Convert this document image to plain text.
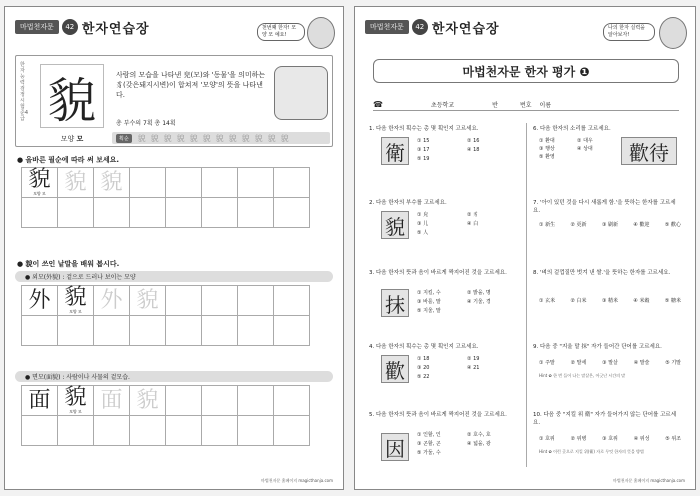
마법천자문	42 한자연습장	천번째 한자! 모양 모 예요!
한자능력검정시험 준4급 貌
모양 모
사람의 모습을 나타낸 皃(모)와 '동물'을 의미하는
豸(갖은돼지시변)이 합쳐져 '모양'의 뜻을 나타낸다.
총 부수의 7획 총 14획
획순	貌 貌 貌 貌 貌 貌 貌 貌 貌 貌 貌 貌
● 올바른 필순에 따라 써 보세요.
貌
모양 모	貌	貌					

● 貌이 쓰인 낱말을 배워 봅시다.
● 외모(外貌) : 겉으로 드러나 보이는 모양
外	貌
모양 모	外	貌				

● 면모(面貌) : 사람이나 사물의 겉모습.
面	貌
모양 모	面	貌				

마법천자문 홈페이지 magicthanja.com
마법천자문	42 한자연습장	나의 한자 실력을 알아보자!
마법천자문 한자 평가 ❶
☎	초등학교	반	번호 이름
1. 다음 한자의 획수는 총 몇 획인지 고르세요.
衛	① 15	② 16
③ 17	④ 18
⑤ 19
2. 다음 한자의 부수를 고르세요.
貌	① 皃	② 豸
③ 儿	④ 白
⑤ 人
3. 다음 한자의 뜻과 음이 바르게 짝지어진 것을 고르세요.
抹	① 지킬, 수	② 밝을, 명
③ 바를, 말	④ 기울, 경
⑤ 지울, 말
4. 다음 한자의 획수는 총 몇 획인지 고르세요.
歡	① 18	② 19
③ 20	④ 21
⑤ 22
5. 다음 한자의 뜻과 음이 바르게 짝지어진 것을 고르세요.
因
① 인할, 인	② 호수, 호
③ 곤할, 곤	④ 넓을, 광
⑤ 가둘, 수
6. 다음 한자의 소리를 고르세요.
① 환대	② 대우
③ 행상	④ 상대
⑤ 환영	歡待
7. '아이 있던 것을 다시 새롭게 함.'을 뜻하는 한자를 고르세요.
① 新生	② 更新	③ 刷新	④ 歡迎	⑤ 歡心
8. '벼의 겉껍질만 벗겨 낸 쌀.'을 뜻하는 한자를 고르세요.
① 玄米	② 白米	③ 精米	④ 米穀	⑤ 糖米
9. 다음 중 "지울 말 抹" 자가 들어간 단어를 고르세요.
① 주말	② 말세	③ 말살	④ 말술	⑤ 기말
Hint ✿ 한 번 들어 나는 말살은, 어긋난 시간의 말
10. 다음 중 "지킬 위 衛" 자가 들어가지 않는 단어를 고르세요.
① 호위	② 위병	③ 호위	④ 위성	⑤ 위조
Hint ✿ 이런 곳으로 지킬 위(衛) 자로 무엇 한자의 뜻을 방법
마법천자문 홈페이지 magicthanja.com
